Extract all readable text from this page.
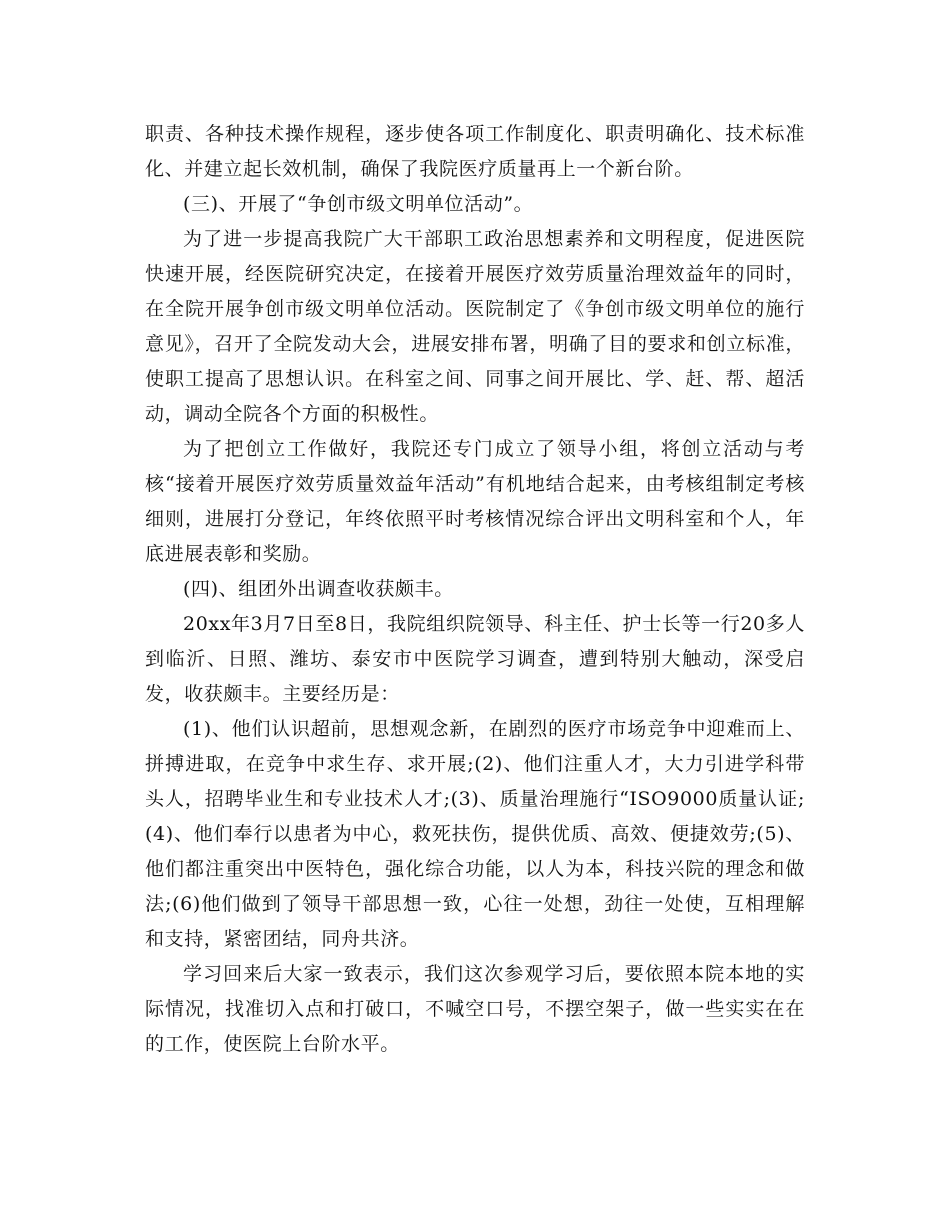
职责、各种技术操作规程，逐步使各项工作制度化、职责明确化、技术标准化、并建立起长效机制，确保了我院医疗质量再上一个新台阶。

(三)、开展了“争创市级文明单位活动”。

为了进一步提高我院广大干部职工政治思想素养和文明程度，促进医院快速开展，经医院研究决定，在接着开展医疗效劳质量治理效益年的同时，在全院开展争创市级文明单位活动。医院制定了《争创市级文明单位的施行意见》，召开了全院发动大会，进展安排布署，明确了目的要求和创立标准，使职工提高了思想认识。在科室之间、同事之间开展比、学、赶、帮、超活动，调动全院各个方面的积极性。

为了把创立工作做好，我院还专门成立了领导小组，将创立活动与考核“接着开展医疗效劳质量效益年活动”有机地结合起来，由考核组制定考核细则，进展打分登记，年终依照平时考核情况综合评出文明科室和个人，年底进展表彰和奖励。

(四)、组团外出调查收获颇丰。

20xx年3月7日至8日，我院组织院领导、科主任、护士长等一行20多人到临沂、日照、潍坊、泰安市中医院学习调查，遭到特别大触动，深受启发，收获颇丰。主要经历是：

(1)、他们认识超前，思想观念新，在剧烈的医疗市场竞争中迎难而上、拼搏进取，在竞争中求生存、求开展;(2)、他们注重人才，大力引进学科带头人，招聘毕业生和专业技术人才;(3)、质量治理施行“ISO9000质量认证;(4)、他们奉行以患者为中心，救死扶伤，提供优质、高效、便捷效劳;(5)、他们都注重突出中医特色，强化综合功能，以人为本，科技兴院的理念和做法;(6)他们做到了领导干部思想一致，心往一处想，劲往一处使，互相理解和支持，紧密团结，同舟共济。

学习回来后大家一致表示，我们这次参观学习后，要依照本院本地的实际情况，找准切入点和打破口，不喊空口号，不摆空架子，做一些实实在在的工作，使医院上台阶水平。
